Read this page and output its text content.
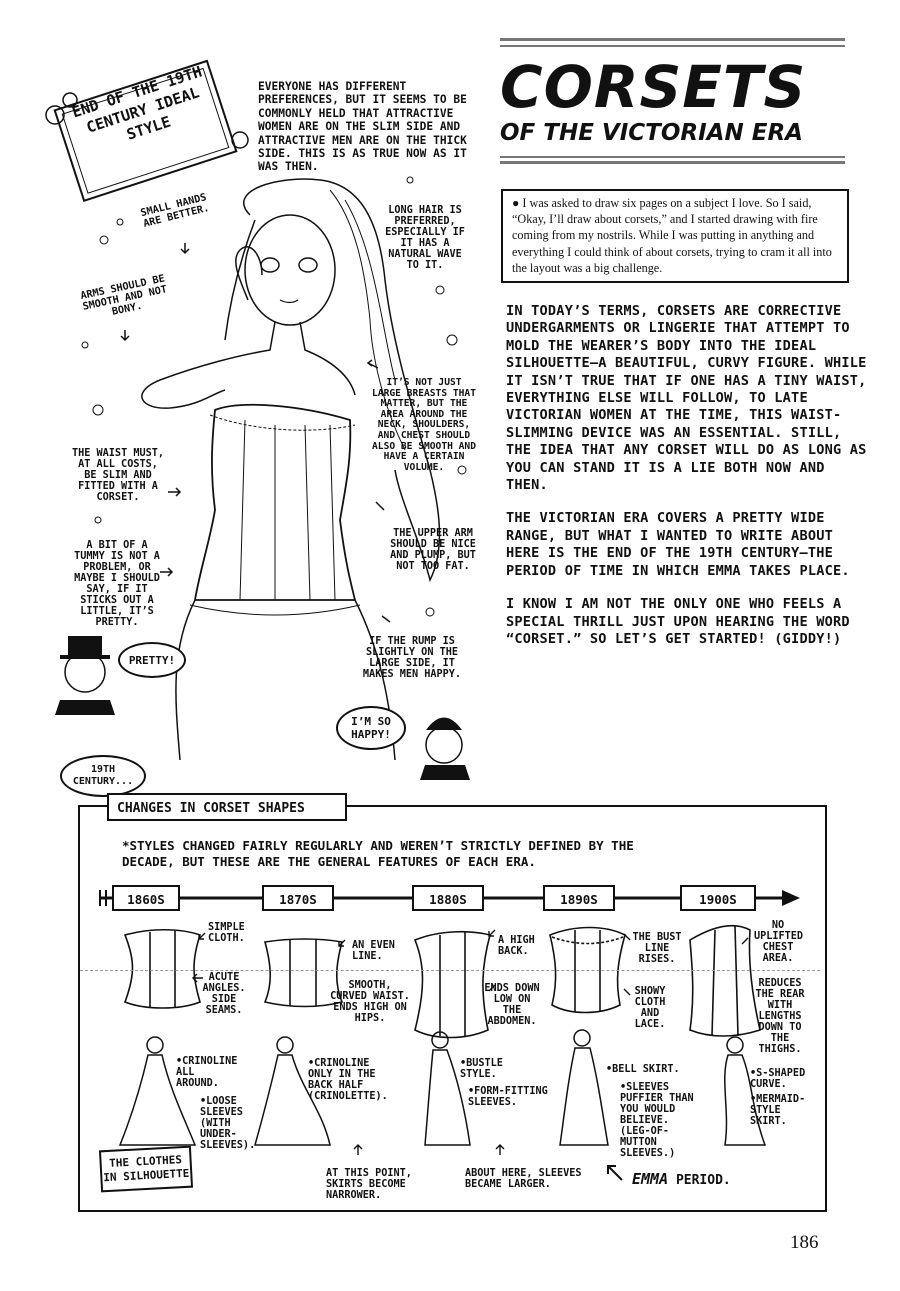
CORSETS
OF THE VICTORIAN ERA
● I was asked to draw six pages on a subject I love. So I said, “Okay, I’ll draw about corsets,” and I started drawing with fire coming from my nostrils. While I was putting in anything and everything I could think of about corsets, trying to cram it all into the layout was a big challenge.

IN TODAY’S TERMS, CORSETS ARE CORRECTIVE UNDERGARMENTS OR LINGERIE THAT ATTEMPT TO MOLD THE WEARER’S BODY INTO THE IDEAL SILHOUETTE—A BEAUTIFUL, CURVY FIGURE. WHILE IT ISN’T TRUE THAT IF ONE HAS A TINY WAIST, EVERYTHING ELSE WILL FOLLOW, TO LATE VICTORIAN WOMEN AT THE TIME, THIS WAIST-SLIMMING DEVICE WAS AN ESSENTIAL. STILL, THE IDEA THAT ANY CORSET WILL DO AS LONG AS YOU CAN STAND IT IS A LIE BOTH NOW AND THEN.

THE VICTORIAN ERA COVERS A PRETTY WIDE RANGE, BUT WHAT I WANTED TO WRITE ABOUT HERE IS THE END OF THE 19TH CENTURY—THE PERIOD OF TIME IN WHICH EMMA TAKES PLACE.

I KNOW I AM NOT THE ONLY ONE WHO FEELS A SPECIAL THRILL JUST UPON HEARING THE WORD “CORSET.” SO LET’S GET STARTED! (GIDDY!)

END OF THE 19TH CENTURY IDEAL STYLE
EVERYONE HAS DIFFERENT PREFERENCES, BUT IT SEEMS TO BE COMMONLY HELD THAT ATTRACTIVE WOMEN ARE ON THE SLIM SIDE AND ATTRACTIVE MEN ARE ON THE THICK SIDE. THIS IS AS TRUE NOW AS IT WAS THEN.
SMALL HANDS ARE BETTER.	LONG HAIR IS PREFERRED, ESPECIALLY IF IT HAS A NATURAL WAVE TO IT.
ARMS SHOULD BE SMOOTH AND NOT BONY.
IT’S NOT JUST LARGE BREASTS THAT MATTER, BUT THE AREA AROUND THE NECK, SHOULDERS, AND CHEST SHOULD ALSO BE SMOOTH AND HAVE A CERTAIN VOLUME.
THE WAIST MUST, AT ALL COSTS, BE SLIM AND FITTED WITH A CORSET.
THE UPPER ARM SHOULD BE NICE AND PLUMP, BUT NOT TOO FAT.
A BIT OF A TUMMY IS NOT A PROBLEM, OR MAYBE I SHOULD SAY, IF IT STICKS OUT A LITTLE, IT’S PRETTY.
IF THE RUMP IS SLIGHTLY ON THE LARGE SIDE, IT MAKES MEN HAPPY.
PRETTY!
I’M SO HAPPY!
19TH CENTURY...
CHANGES IN CORSET SHAPES
*STYLES CHANGED FAIRLY REGULARLY AND WEREN’T STRICTLY DEFINED BY THE DECADE, BUT THESE ARE THE GENERAL FEATURES OF EACH ERA.
1860S	1870S	1880S	1890S	1900S
SIMPLE CLOTH.
ACUTE ANGLES. SIDE SEAMS.
AN EVEN LINE.
SMOOTH, CURVED WAIST. ENDS HIGH ON HIPS.
A HIGH BACK.
ENDS DOWN LOW ON THE ABDOMEN.
THE BUST LINE RISES.
SHOWY CLOTH AND LACE.
NO UPLIFTED CHEST AREA.
REDUCES THE REAR WITH LENGTHS DOWN TO THE THIGHS.
•CRINOLINE ALL AROUND.
•LOOSE SLEEVES (WITH UNDER-SLEEVES).
•CRINOLINE ONLY IN THE BACK HALF (CRINOLETTE).
•BUSTLE STYLE.
•FORM-FITTING SLEEVES.
•BELL SKIRT.
•SLEEVES PUFFIER THAN YOU WOULD BELIEVE. (LEG-OF-MUTTON SLEEVES.)
•S-SHAPED CURVE.
•MERMAID-STYLE SKIRT.
THE CLOTHES IN SILHOUETTE	AT THIS POINT, SKIRTS BECOME NARROWER.
ABOUT HERE, SLEEVES BECAME LARGER.	EMMA PERIOD.
186
